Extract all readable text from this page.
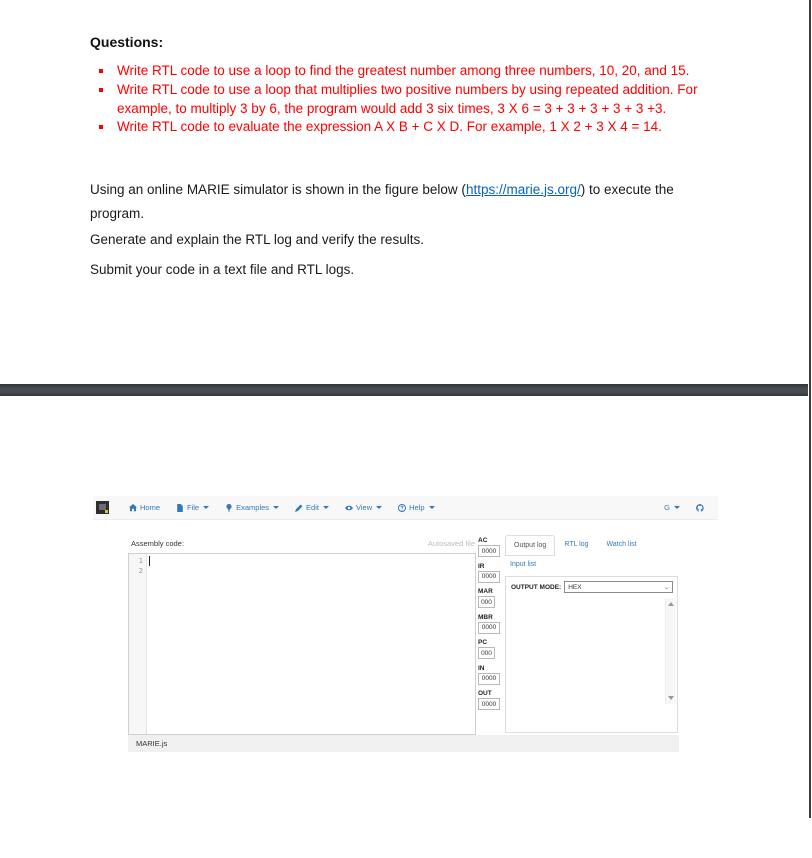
Questions:
Write RTL code to use a loop to find the greatest number among three numbers, 10, 20, and 15.
Write RTL code to use a loop that multiplies two positive numbers by using repeated addition. For example, to multiply 3 by 6, the program would add 3 six times, 3 X 6 = 3 + 3 + 3 + 3 + 3 +3.
Write RTL code to evaluate the expression A X B + C X D. For example, 1 X 2 + 3 X 4 = 14.

Using an online MARIE simulator is shown in the figure below (https://marie.js.org/) to execute the program.

Generate and explain the RTL log and verify the results.

Submit your code in a text file and RTL logs.

Home	File	Examples	Edit	View	Help	G
Assembly code:	Autosaved file
1
2
MARIE.js
AC
0000
IR
0000
MAR
000
MBR
0000
PC
000
IN
0000
OUT
0000
Output log	RTL log	Watch list
Input list
OUTPUT MODE: HEX	⌄
